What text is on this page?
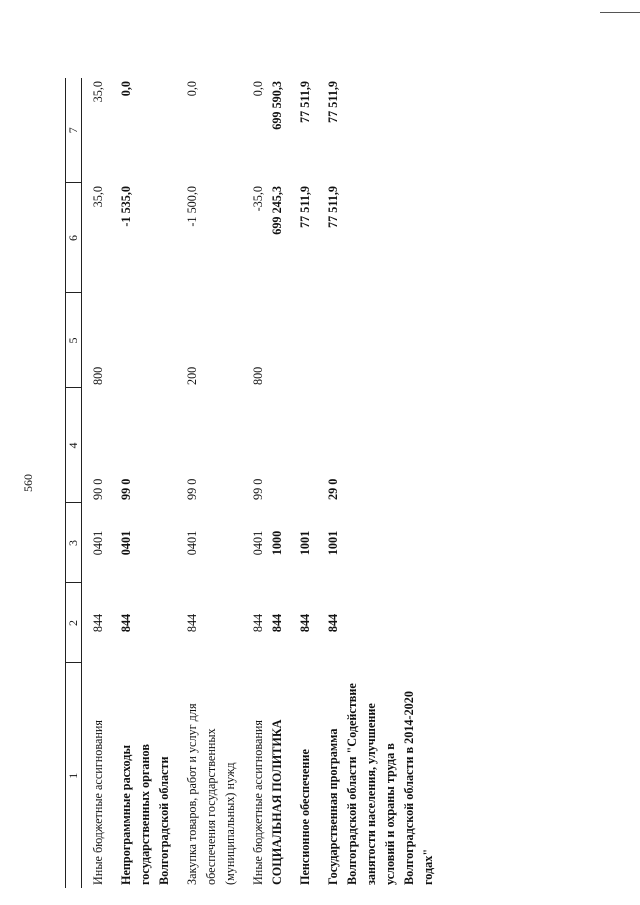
560
1	2	3	4	5	6	7
Иные бюджетные ассигнования	844	0401	90 0	800	35,0	35,0
Непрограммные расходы государственных органов Волгоградской области	844	0401	99 0		-1 535,0	0,0
Закупка товаров, работ и услуг для обеспечения государственных (муниципальных) нужд	844	0401	99 0	200	-1 500,0	0,0
Иные бюджетные ассигнования	844	0401	99 0	800	-35,0	0,0
СОЦИАЛЬНАЯ ПОЛИТИКА	844	1000			699 245,3	699 590,3
Пенсионное обеспечение	844	1001			77 511,9	77 511,9
Государственная программа Волгоградской области "Содействие занятости населения, улучшение условий и охраны труда в Волгоградской области в 2014-2020 годах"	844	1001	29 0		77 511,9	77 511,9
